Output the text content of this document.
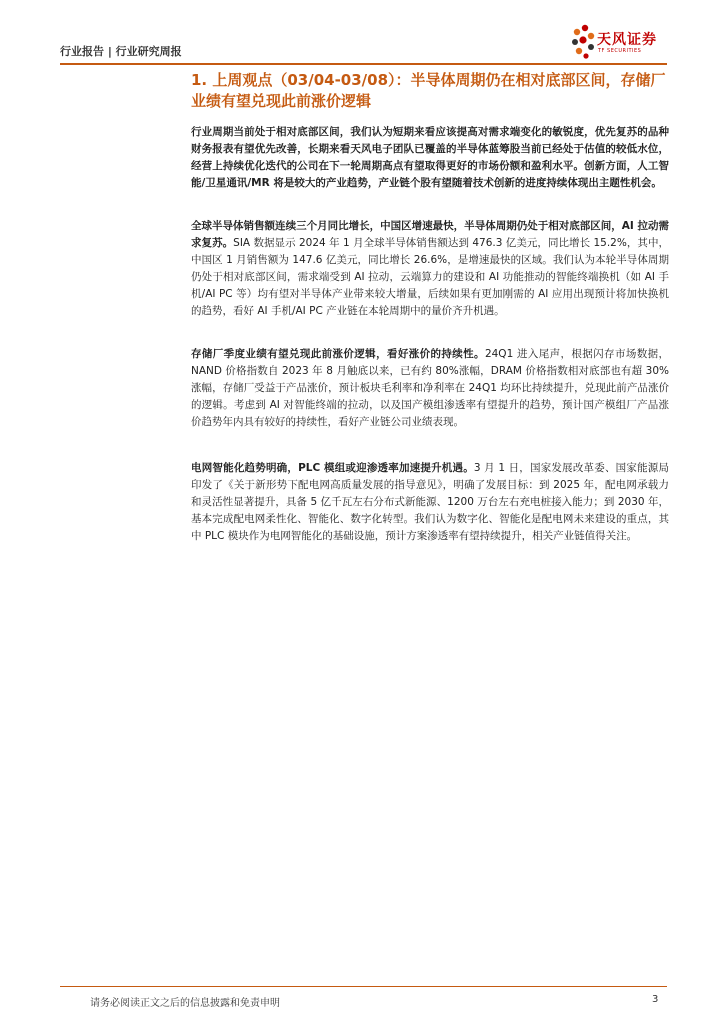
行业报告 | 行业研究周报
天风证券
TF SECURITIES
1. 上周观点（03/04-03/08）：半导体周期仍在相对底部区间，存储厂业绩有望兑现此前涨价逻辑

行业周期当前处于相对底部区间，我们认为短期来看应该提高对需求端变化的敏锐度，优先复苏的品种财务报表有望优先改善，长期来看天风电子团队已覆盖的半导体蓝筹股当前已经处于估值的较低水位，经营上持续优化迭代的公司在下一轮周期高点有望取得更好的市场份额和盈利水平。创新方面，人工智能/卫星通讯/MR 将是较大的产业趋势，产业链个股有望随着技术创新的进度持续体现出主题性机会。

全球半导体销售额连续三个月同比增长，中国区增速最快，半导体周期仍处于相对底部区间，AI 拉动需求复苏。SIA 数据显示 2024 年 1 月全球半导体销售额达到 476.3 亿美元，同比增长 15.2%，其中，中国区 1 月销售额为 147.6 亿美元，同比增长 26.6%，是增速最快的区域。我们认为本轮半导体周期仍处于相对底部区间，需求端受到 AI 拉动，云端算力的建设和 AI 功能推动的智能终端换机（如 AI 手机/AI PC 等）均有望对半导体产业带来较大增量，后续如果有更加刚需的 AI 应用出现预计将加快换机的趋势，看好 AI 手机/AI PC 产业链在本轮周期中的量价齐升机遇。

存储厂季度业绩有望兑现此前涨价逻辑，看好涨价的持续性。24Q1 进入尾声，根据闪存市场数据，NAND 价格指数自 2023 年 8 月触底以来，已有约 80%涨幅，DRAM 价格指数相对底部也有超 30%涨幅，存储厂受益于产品涨价，预计板块毛利率和净利率在 24Q1 均环比持续提升，兑现此前产品涨价的逻辑。考虑到 AI 对智能终端的拉动，以及国产模组渗透率有望提升的趋势，预计国产模组厂产品涨价趋势年内具有较好的持续性，看好产业链公司业绩表现。

电网智能化趋势明确，PLC 模组或迎渗透率加速提升机遇。3 月 1 日，国家发展改革委、国家能源局印发了《关于新形势下配电网高质量发展的指导意见》，明确了发展目标：到 2025 年，配电网承载力和灵活性显著提升，具备 5 亿千瓦左右分布式新能源、1200 万台左右充电桩接入能力；到 2030 年，基本完成配电网柔性化、智能化、数字化转型。我们认为数字化、智能化是配电网未来建设的重点，其中 PLC 模块作为电网智能化的基础设施，预计方案渗透率有望持续提升，相关产业链值得关注。

请务必阅读正文之后的信息披露和免责申明	3
